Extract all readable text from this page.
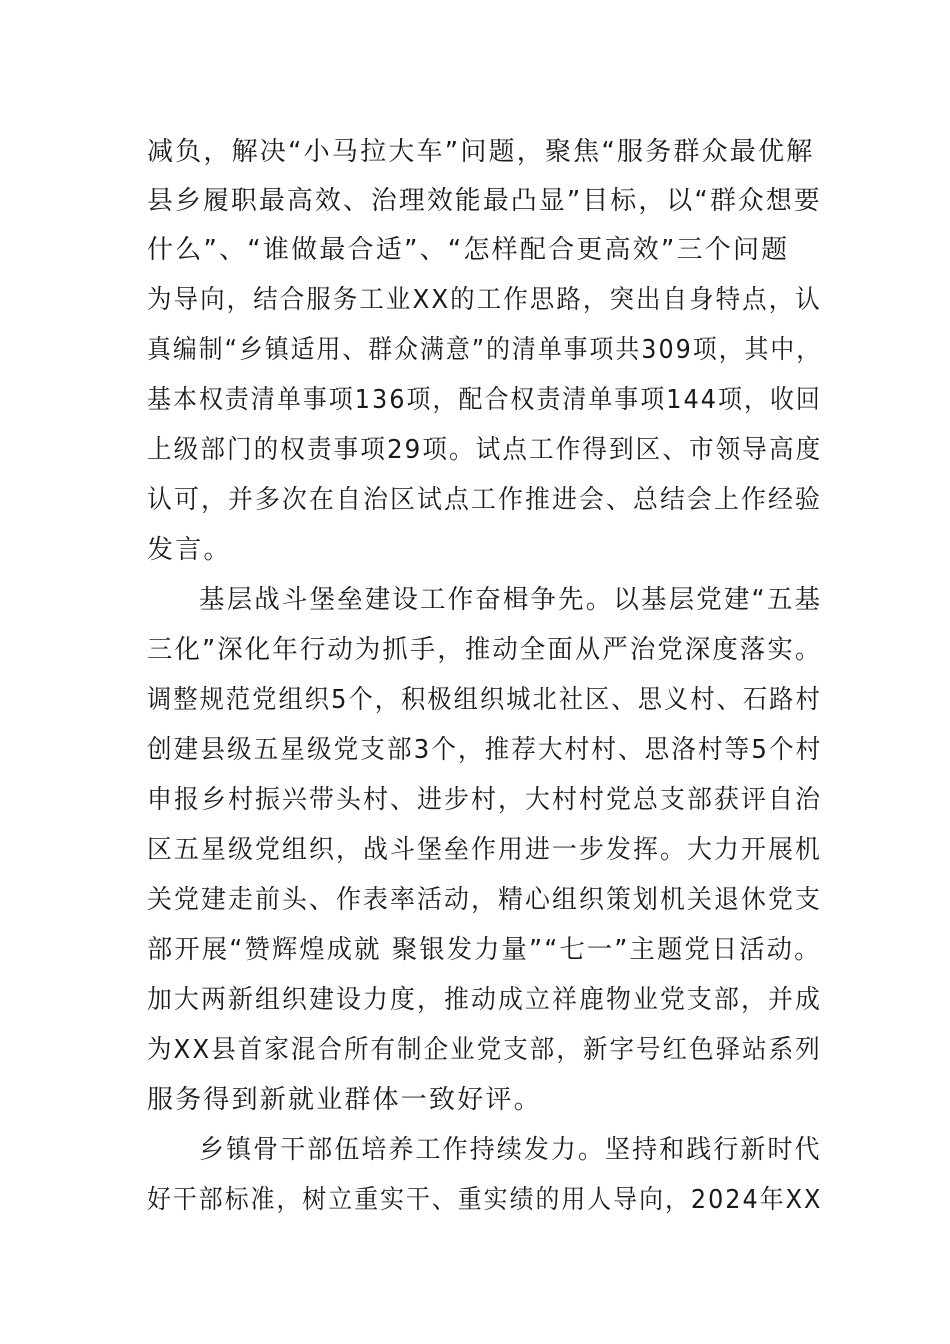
减负，解决“小马拉大车”问题，聚焦“服务群众最优解
县乡履职最高效、治理效能最凸显”目标，以“群众想要
什么”、“谁做最合适”、“怎样配合更高效”三个问题
为导向，结合服务工业XX的工作思路，突出自身特点，认
真编制“乡镇适用、群众满意”的清单事项共309项，其中，
基本权责清单事项136项，配合权责清单事项144项，收回
上级部门的权责事项29项。试点工作得到区、市领导高度
认可，并多次在自治区试点工作推进会、总结会上作经验
发言。
基层战斗堡垒建设工作奋楫争先。以基层党建“五基
三化”深化年行动为抓手，推动全面从严治党深度落实。
调整规范党组织5个，积极组织城北社区、思义村、石路村
创建县级五星级党支部3个，推荐大村村、思洛村等5个村
申报乡村振兴带头村、进步村，大村村党总支部获评自治
区五星级党组织，战斗堡垒作用进一步发挥。大力开展机
关党建走前头、作表率活动，精心组织策划机关退休党支
部开展“赞辉煌成就 聚银发力量”“七一”主题党日活动。
加大两新组织建设力度，推动成立祥鹿物业党支部，并成
为XX县首家混合所有制企业党支部，新字号红色驿站系列
服务得到新就业群体一致好评。
乡镇骨干部伍培养工作持续发力。坚持和践行新时代
好干部标准，树立重实干、重实绩的用人导向，2024年XX
